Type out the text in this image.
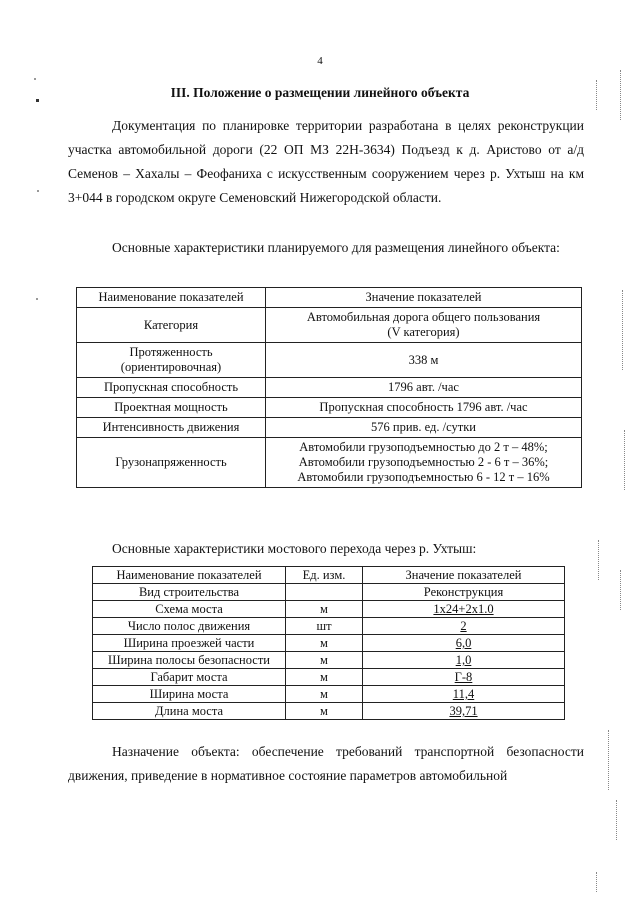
4
III. Положение о размещении линейного объекта

Документация по планировке территории разработана в целях реконструкции участка автомобильной дороги (22 ОП МЗ 22Н-3634) Подъезд к д. Аристово от а/д Семенов – Хахалы – Феофаниха с искусственным сооружением через р. Ухтыш на км 3+044 в городском округе Семеновский Нижегородской области.

Основные характеристики планируемого для размещения линейного объекта:

Наименование показателей	Значение показателей
Категория	Автомобильная дорога общего пользования
(V категория)

Протяженность
(ориентировочная)	338 м
Пропускная способность	1796 авт. /час
Проектная мощность	Пропускная способность 1796 авт. /час
Интенсивность движения	576 прив. ед. /сутки
Грузонапряженность	Автомобили грузоподъемностью до 2 т – 48%;
Автомобили грузоподъемностью 2 - 6 т – 36%;
Автомобили грузоподъемностью 6 - 12 т – 16%
Основные характеристики мостового перехода через р. Ухтыш:
Наименование показателей	Ед. изм.	Значение показателей
Вид строительства		Реконструкция
Схема моста	м	1х24+2х1.0
Число полос движения	шт	2
Ширина проезжей части	м	6,0
Ширина полосы безопасности	м	1,0
Габарит моста	м	Г-8
Ширина моста	м	11,4
Длина моста	м	39,71

Назначение объекта: обеспечение требований транспортной безопасности движения, приведение в нормативное состояние параметров автомобильной
